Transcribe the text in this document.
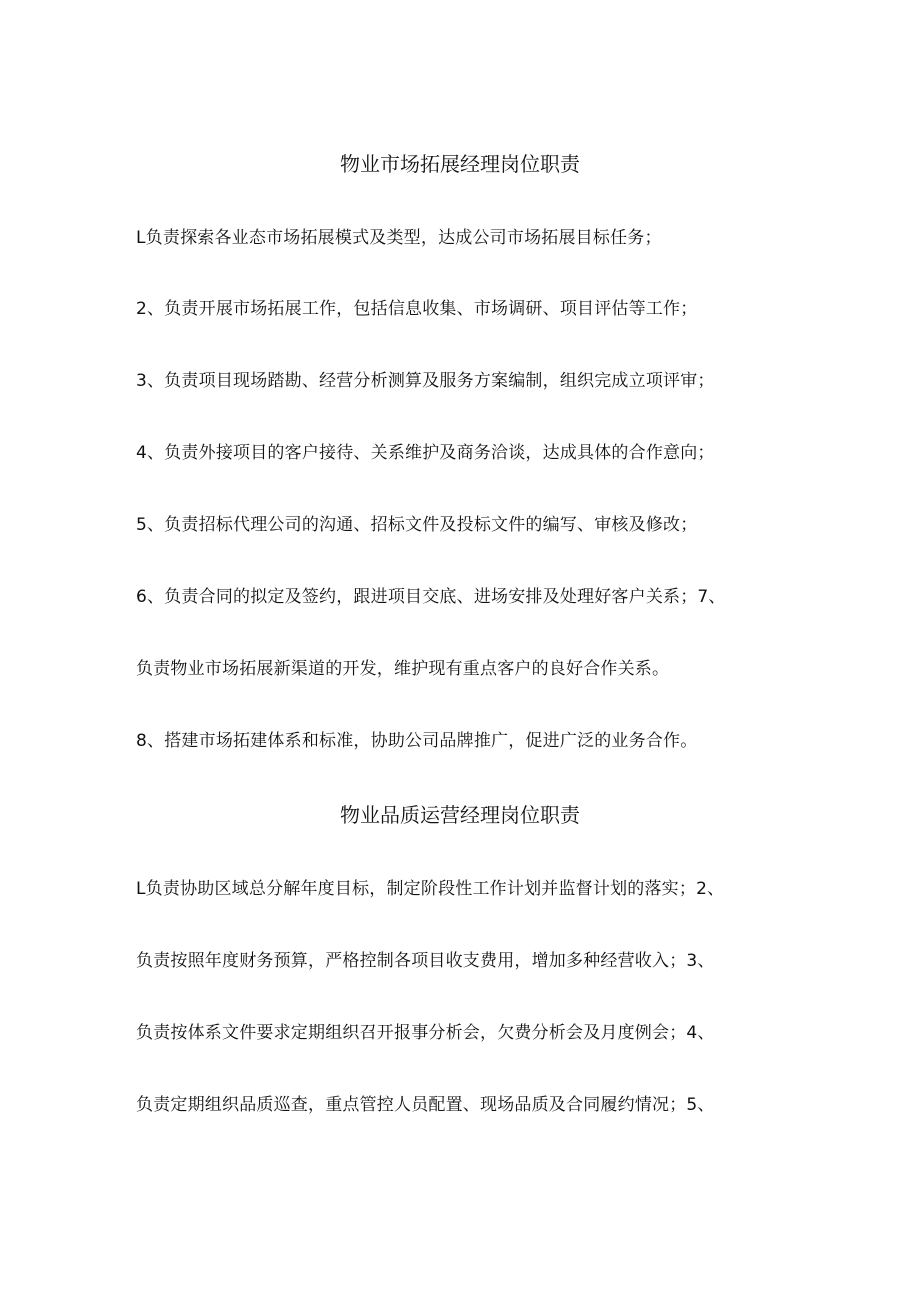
物业市场拓展经理岗位职责
L负责探索各业态市场拓展模式及类型，达成公司市场拓展目标任务；
2、负责开展市场拓展工作，包括信息收集、市场调研、项目评估等工作；
3、负责项目现场踏勘、经营分析测算及服务方案编制，组织完成立项评审；
4、负责外接项目的客户接待、关系维护及商务洽谈，达成具体的合作意向；
5、负责招标代理公司的沟通、招标文件及投标文件的编写、审核及修改；
6、负责合同的拟定及签约，跟进项目交底、进场安排及处理好客户关系；7、
负责物业市场拓展新渠道的开发，维护现有重点客户的良好合作关系。
8、搭建市场拓建体系和标准，协助公司品牌推广，促进广泛的业务合作。
物业品质运营经理岗位职责
L负责协助区域总分解年度目标，制定阶段性工作计划并监督计划的落实；2、
负责按照年度财务预算，严格控制各项目收支费用，增加多种经营收入；3、
负责按体系文件要求定期组织召开报事分析会，欠费分析会及月度例会；4、
负责定期组织品质巡查，重点管控人员配置、现场品质及合同履约情况；5、
